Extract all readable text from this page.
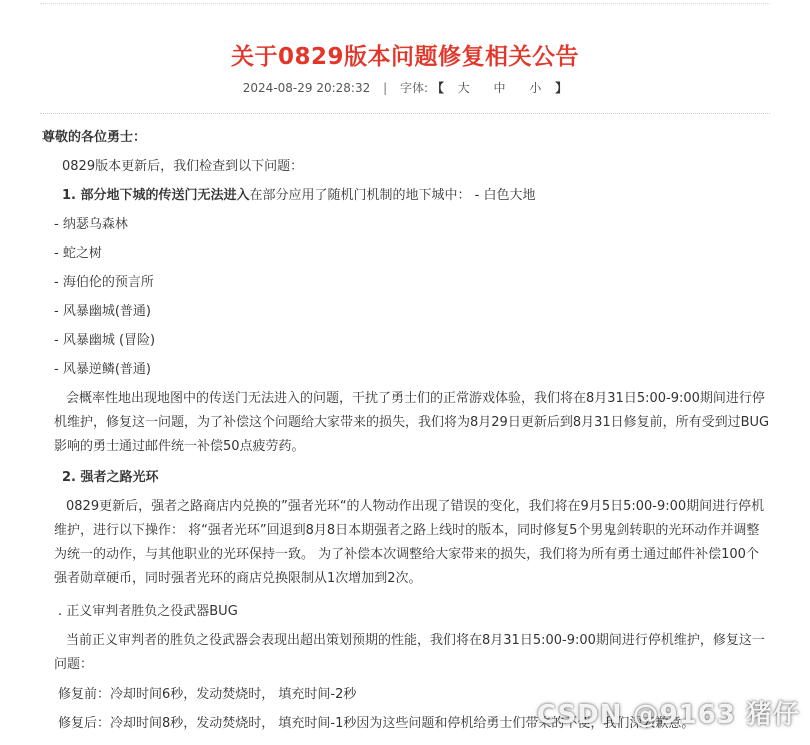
关于0829版本问题修复相关公告
2024-08-29 20:28:32 | 字体: 【 大 中 小 】
尊敬的各位勇士：
0829版本更新后，我们检查到以下问题：
1. 部分地下城的传送门无法进入在部分应用了随机门机制的地下城中： - 白色大地
- 纳瑟乌森林
- 蛇之树
- 海伯伦的预言所
- 风暴幽城(普通)
- 风暴幽城 (冒险)
- 风暴逆鳞(普通)
会概率性地出现地图中的传送门无法进入的问题，干扰了勇士们的正常游戏体验，我们将在8月31日5:00-9:00期间进行停机维护，修复这一问题，为了补偿这个问题给大家带来的损失，我们将为8月29日更新后到8月31日修复前，所有受到过BUG影响的勇士通过邮件统一补偿50点疲劳药。
2. 强者之路光环
0829更新后，强者之路商店内兑换的”强者光环“的人物动作出现了错误的变化，我们将在9月5日5:00-9:00期间进行停机维护，进行以下操作： 将“强者光环”回退到8月8日本期强者之路上线时的版本，同时修复5个男鬼剑转职的光环动作并调整为统一的动作，与其他职业的光环保持一致。 为了补偿本次调整给大家带来的损失，我们将为所有勇士通过邮件补偿100个强者勋章硬币，同时强者光环的商店兑换限制从1次增加到2次。
. 正义审判者胜负之役武器BUG
当前正义审判者的胜负之役武器会表现出超出策划预期的性能，我们将在8月31日5:00-9:00期间进行停机维护，修复这一问题：
修复前：冷却时间6秒，发动焚烧时， 填充时间-2秒
修复后：冷却时间8秒，发动焚烧时， 填充时间-1秒因为这些问题和停机给勇士们带来的不便，我们深表歉意。
CSDN @9163 猪仔
